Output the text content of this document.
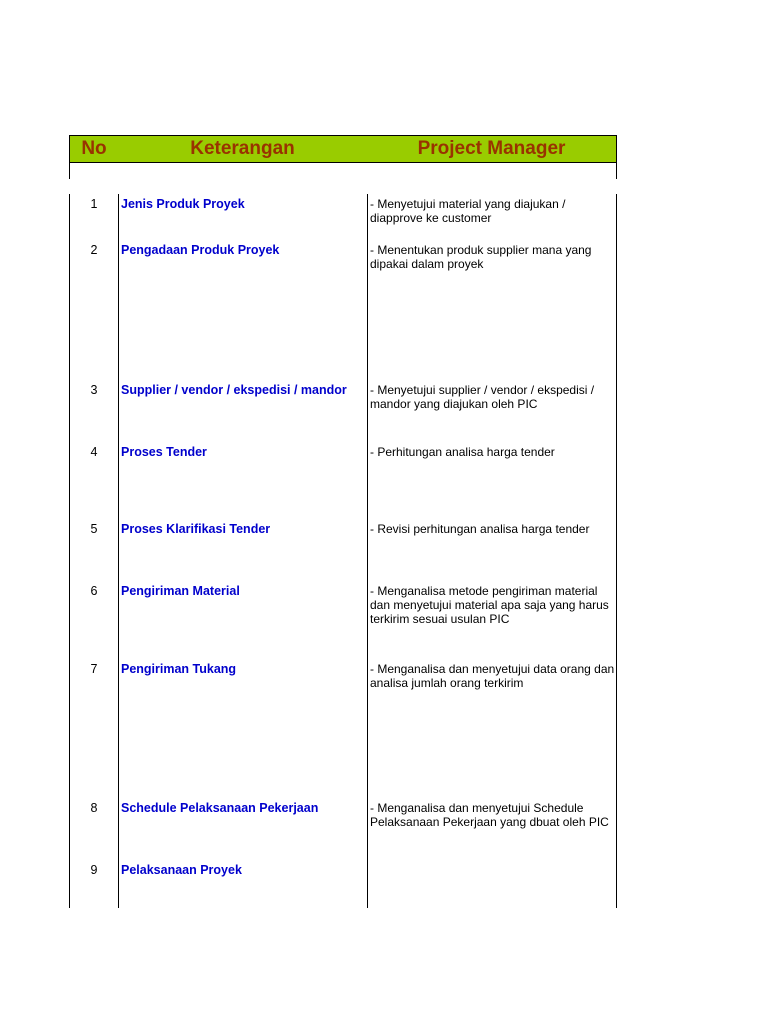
No	Keterangan	Project Manager
1	Jenis Produk Proyek	- Menyetujui material yang diajukan / diapprove ke customer
2	Pengadaan Produk Proyek	- Menentukan produk supplier mana yang dipakai dalam proyek
3	Supplier / vendor / ekspedisi / mandor	- Menyetujui supplier / vendor / ekspedisi / mandor yang diajukan oleh PIC
4	Proses Tender	- Perhitungan analisa harga tender
5	Proses Klarifikasi Tender	- Revisi perhitungan analisa harga tender
6	Pengiriman Material	- Menganalisa metode pengiriman material dan menyetujui material apa saja yang harus terkirim sesuai usulan PIC
7	Pengiriman Tukang	- Menganalisa dan menyetujui data orang dan analisa jumlah orang terkirim
8	Schedule Pelaksanaan Pekerjaan	- Menganalisa dan menyetujui Schedule Pelaksanaan Pekerjaan yang dbuat oleh PIC
9	Pelaksanaan Proyek
